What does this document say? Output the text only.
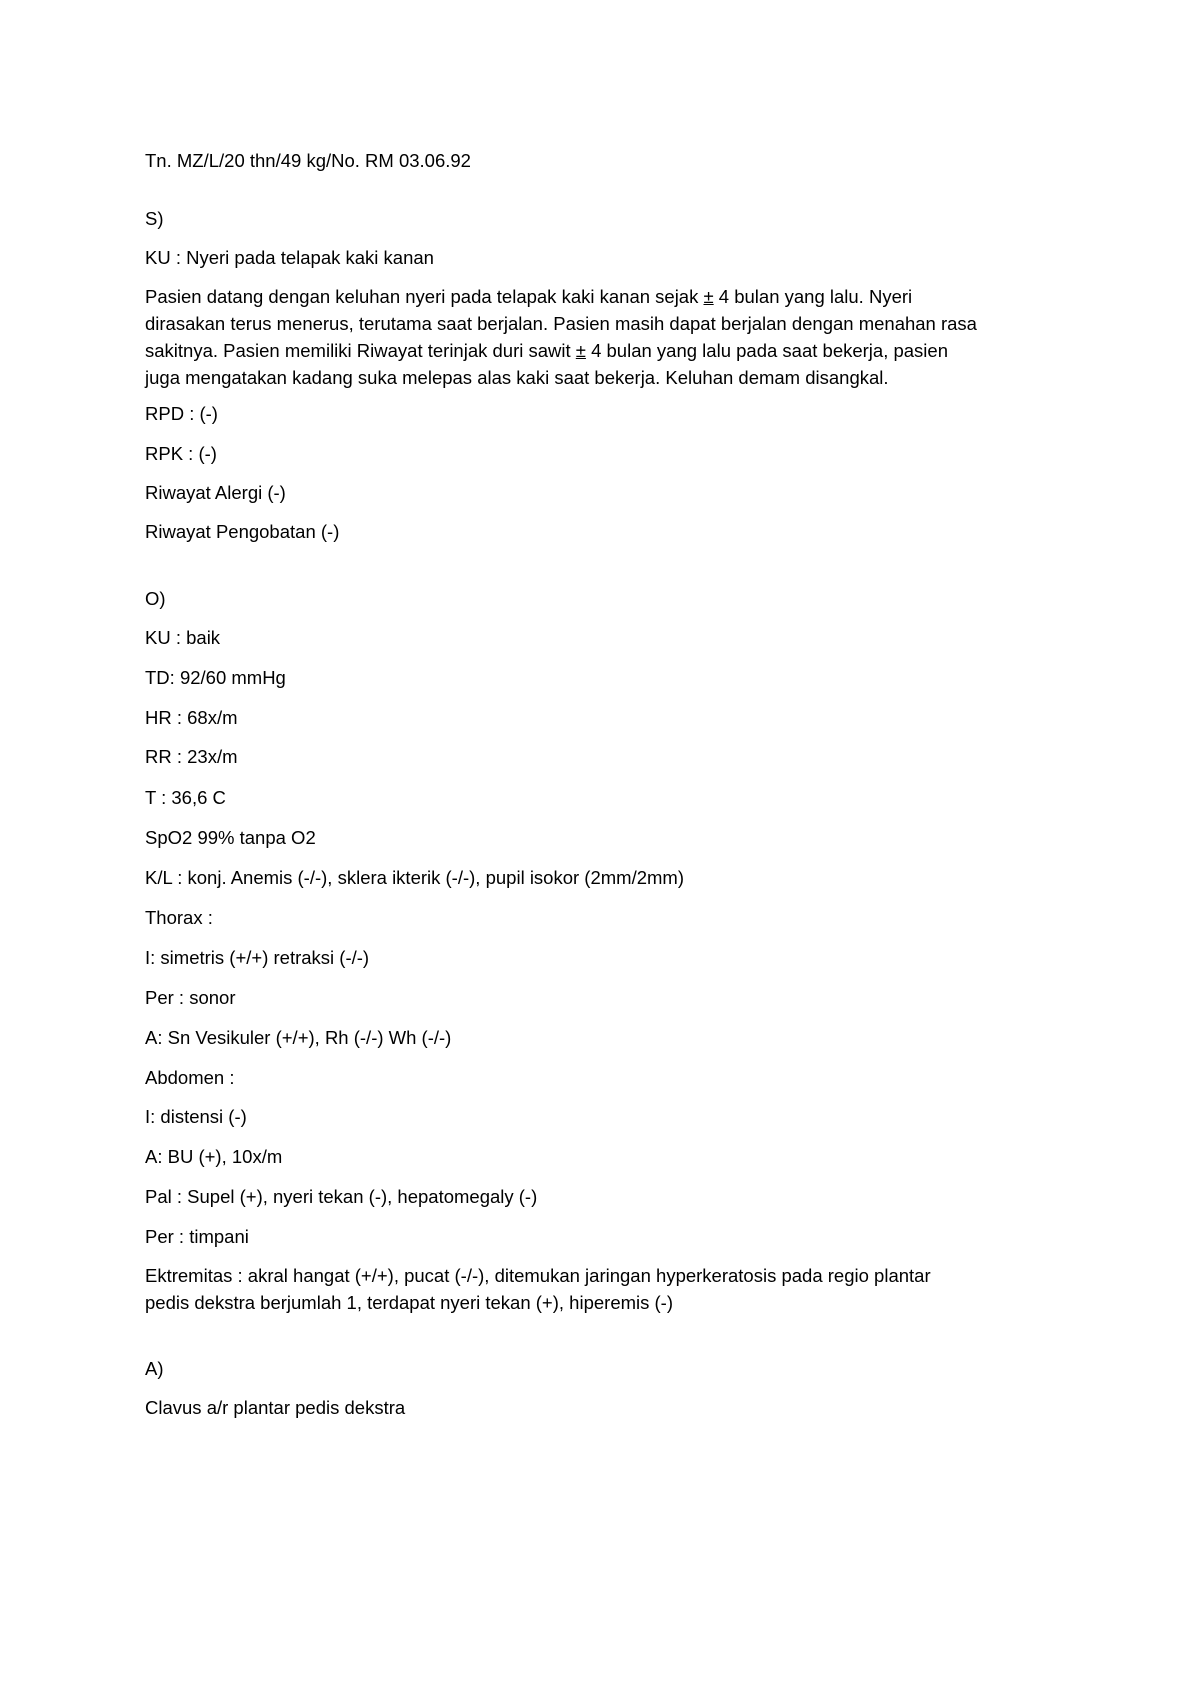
Tn. MZ/L/20 thn/49 kg/No. RM 03.06.92
S)
KU : Nyeri pada telapak kaki kanan
Pasien datang dengan keluhan nyeri pada telapak kaki kanan sejak ± 4 bulan yang lalu. Nyeri
dirasakan terus menerus, terutama saat berjalan. Pasien masih dapat berjalan dengan menahan rasa
sakitnya. Pasien memiliki Riwayat terinjak duri sawit ± 4 bulan yang lalu pada saat bekerja, pasien
juga mengatakan kadang suka melepas alas kaki saat bekerja. Keluhan demam disangkal.
RPD : (-)
RPK : (-)
Riwayat Alergi (-)
Riwayat Pengobatan (-)
O)
KU : baik
TD: 92/60 mmHg
HR : 68x/m
RR : 23x/m
T : 36,6 C
SpO2 99% tanpa O2
K/L : konj. Anemis (-/-), sklera ikterik (-/-), pupil isokor (2mm/2mm)
Thorax :
I: simetris (+/+) retraksi (-/-)
Per : sonor
A: Sn Vesikuler (+/+), Rh (-/-) Wh (-/-)
Abdomen :
I: distensi (-)
A: BU (+), 10x/m
Pal : Supel (+), nyeri tekan (-), hepatomegaly (-)
Per : timpani
Ektremitas : akral hangat (+/+), pucat (-/-), ditemukan jaringan hyperkeratosis pada regio plantar
pedis dekstra berjumlah 1, terdapat nyeri tekan (+), hiperemis (-)
A)
Clavus a/r plantar pedis dekstra
